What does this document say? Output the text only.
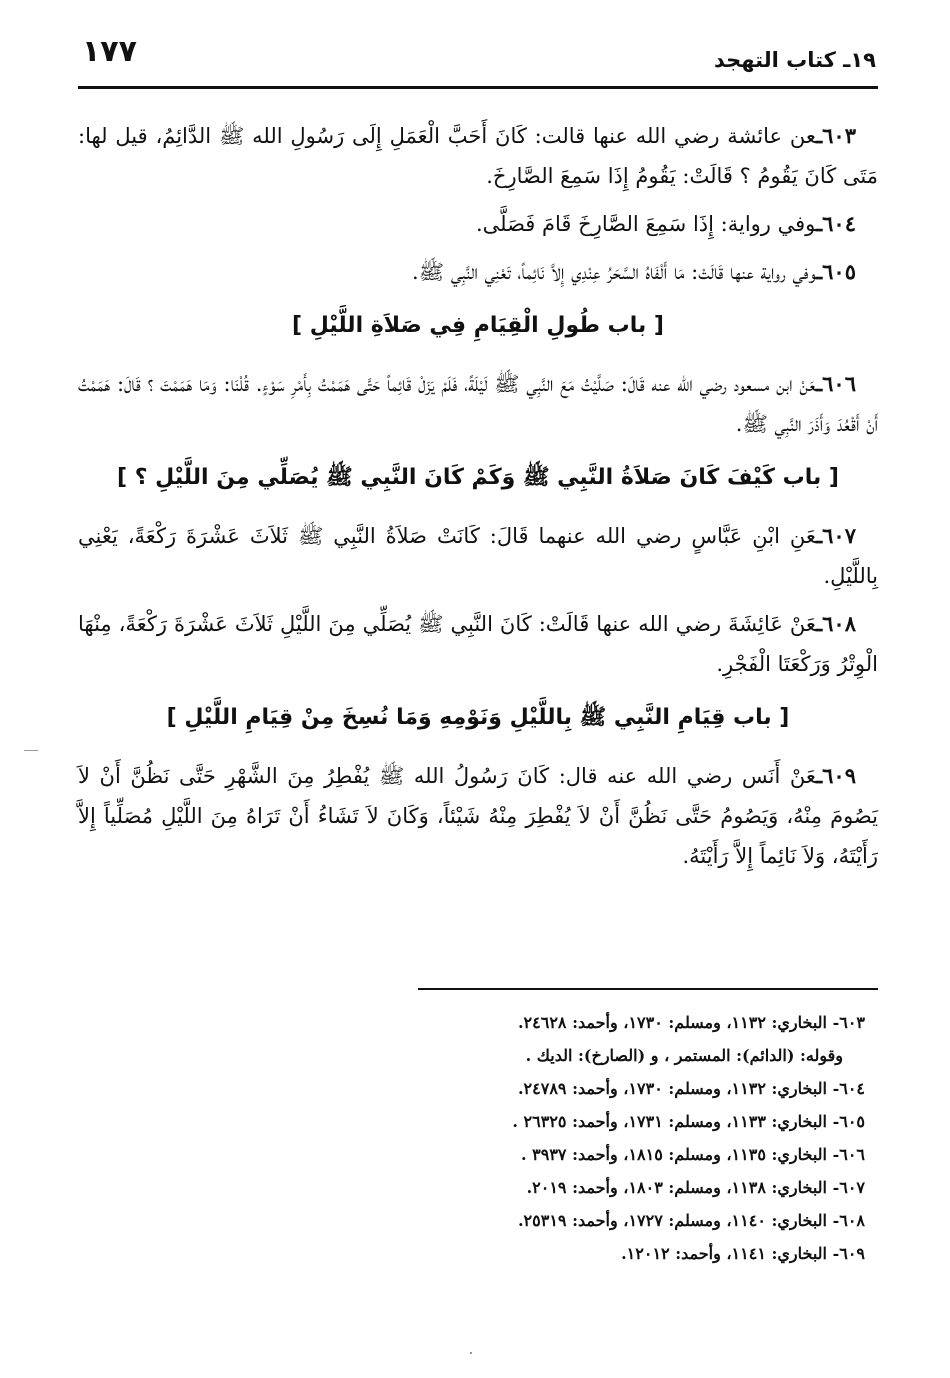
١٧٧	١٩ـ كتاب التهجد

٦٠٣ـعن عائشة رضي الله عنها قالت: كَانَ أَحَبَّ الْعَمَلِ إِلَى رَسُولِ الله ﷺ الدَّائِمُ، قيل لها: مَتَى كَانَ يَقُومُ ؟ قَالَتْ: يَقُومُ إِذَا سَمِعَ الصَّارِخَ.

٦٠٤ـوفي رواية: إِذَا سَمِعَ الصَّارِخَ قَامَ فَصَلَّى.

٦٠٥ـوفي رواية عنها قَالَتْ: مَا أَلْفَاهُ السَّحَرُ عِنْدِي إِلاَّ نَائِماً، تَعْنِي النَّبِي ﷺ.

[ باب طُولِ الْقِيَامِ فِي صَلاَةِ اللَّيْلِ ]

٦٠٦ـعَنْ ابن مسعود رضي الله عنه قَالَ: صَلَّيْتُ مَعَ النَّبِي ﷺ لَيْلَةً، فَلَمْ يَزَلْ قَائِماً حَتَّى هَمَمْتُ بِأَمْرِ سَوْءٍ. قُلْنَا: وَمَا هَمَمْتَ ؟ قَالَ: هَمَمْتُ أَنْ أَقْعُدَ وَأَذَرَ النَّبِي ﷺ.

[ باب كَيْفَ كَانَ صَلاَةُ النَّبِي ﷺ وَكَمْ كَانَ النَّبِي ﷺ يُصَلِّي مِنَ اللَّيْلِ ؟ ]

٦٠٧ـعَنِ ابْنِ عَبَّاسٍ رضي الله عنهما قَالَ: كَانَتْ صَلاَةُ النَّبِي ﷺ ثَلاَثَ عَشْرَةَ رَكْعَةً، يَعْنِي بِاللَّيْلِ.

٦٠٨ـعَنْ عَائِشَةَ رضي الله عنها قَالَتْ: كَانَ النَّبِي ﷺ يُصَلِّي مِنَ اللَّيْلِ ثَلاَثَ عَشْرَةَ رَكْعَةً، مِنْهَا الْوِتْرُ وَرَكْعَتَا الْفَجْرِ.

[ باب قِيَامِ النَّبِي ﷺ بِاللَّيْلِ وَنَوْمِهِ وَمَا نُسِخَ مِنْ قِيَامِ اللَّيْلِ ]

٦٠٩ـعَنْ أَنَس رضي الله عنه قال: كَانَ رَسُولُ الله ﷺ يُفْطِرُ مِنَ الشَّهْرِ حَتَّى نَظُنَّ أَنْ لاَ يَصُومَ مِنْهُ، وَيَصُومُ حَتَّى نَظُنَّ أَنْ لاَ يُفْطِرَ مِنْهُ شَيْئاً، وَكَانَ لاَ تَشَاءُ أَنْ تَرَاهُ مِنَ اللَّيْلِ مُصَلِّياً إِلاَّ رَأَيْتَهُ، وَلاَ نَائِماً إِلاَّ رَأَيْتَهُ.

٦٠٣- البخاري: ١١٣٢، ومسلم: ١٧٣٠، وأحمد: ٢٤٦٢٨.

وقوله: (الدائم): المستمر ، و (الصارخ): الديك .

٦٠٤- البخاري: ١١٣٢، ومسلم: ١٧٣٠، وأحمد: ٢٤٧٨٩.

٦٠٥- البخاري: ١١٣٣، ومسلم: ١٧٣١، وأحمد: ٢٦٣٢٥ .

٦٠٦- البخاري: ١١٣٥، ومسلم: ١٨١٥، وأحمد: ٣٩٣٧ .

٦٠٧- البخاري: ١١٣٨، ومسلم: ١٨٠٣، وأحمد: ٢٠١٩.

٦٠٨- البخاري: ١١٤٠، ومسلم: ١٧٢٧، وأحمد: ٢٥٣١٩.

٦٠٩- البخاري: ١١٤١، وأحمد: ١٢٠١٢.
